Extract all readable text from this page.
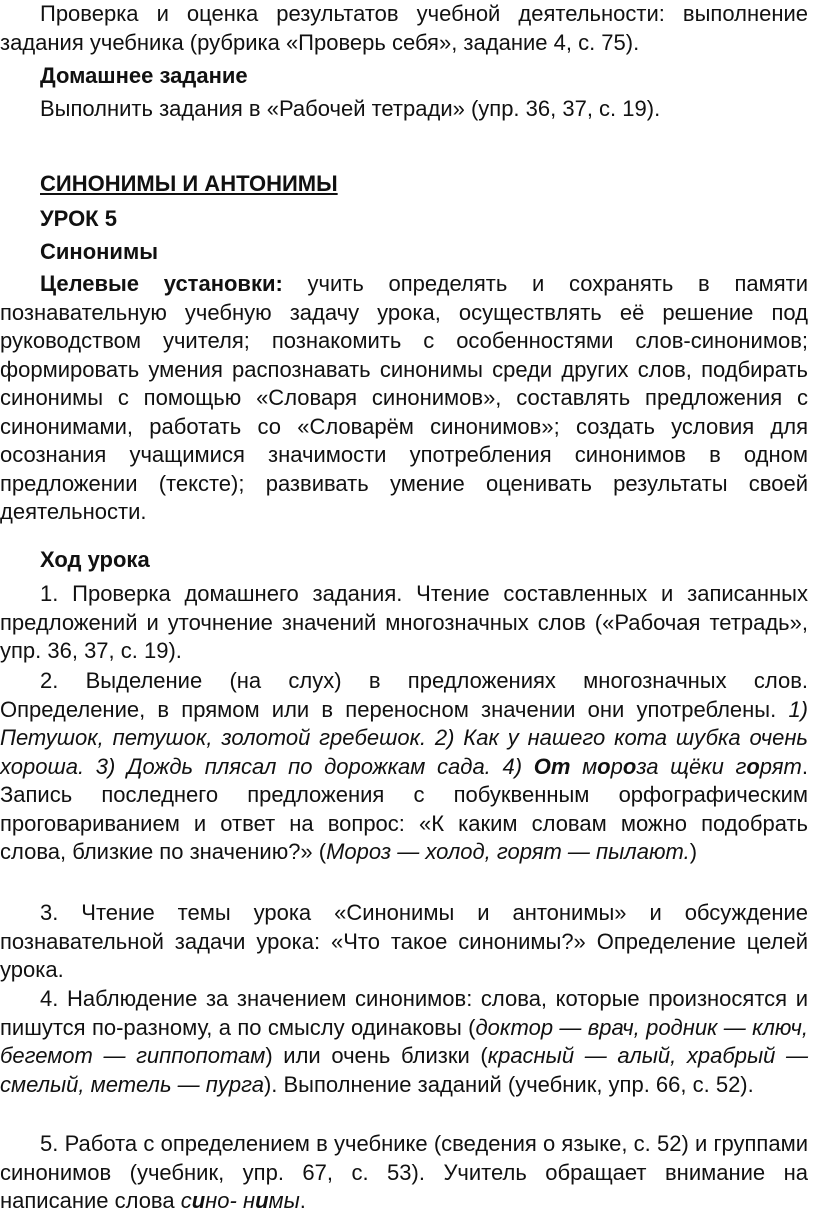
Проверка и оценка результатов учебной деятельности: выполнение задания учебника (рубрика «Проверь себя», задание 4, с. 75).

Домашнее задание

Выполнить задания в «Рабочей тетради» (упр. 36, 37, с. 19).

СИНОНИМЫ И АНТОНИМЫ

УРОК 5

Синонимы

Целевые установки: учить определять и сохранять в памяти познавательную учебную задачу урока, осуществлять её решение под руководством учителя; познакомить с особенностями слов-синонимов; формировать умения распознавать синонимы среди других слов, подбирать синонимы с помощью «Словаря синонимов», составлять предложения с синонимами, работать со «Словарём синонимов»; создать условия для осознания учащимися значимости употребления синонимов в одном предложении (тексте); развивать умение оценивать результаты своей деятельности.

Ход урока

1. Проверка домашнего задания. Чтение составленных и записанных предложений и уточнение значений многозначных слов («Рабочая тетрадь», упр. 36, 37, с. 19).

2. Выделение (на слух) в предложениях многозначных слов. Определение, в прямом или в переносном значении они употреблены. 1) Петушок, петушок, золотой гребешок. 2) Как у нашего кота шубка очень хороша. 3) Дождь плясал по дорожкам сада. 4) От мороза щёки горят. Запись последнего предложения с побуквенным орфографическим проговариванием и ответ на вопрос: «К каким словам можно подобрать слова, близкие по значению?» (Мороз — холод, горят — пылают.)

3. Чтение темы урока «Синонимы и антонимы» и обсуждение познавательной задачи урока: «Что такое синонимы?» Определение целей урока.

4. Наблюдение за значением синонимов: слова, которые произносятся и пишутся по-разному, а по смыслу одинаковы (доктор — врач, родник — ключ, бегемот — гиппопотам) или очень близки (красный — алый, храбрый — смелый, метель — пурга). Выполнение заданий (учебник, упр. 66, с. 52).

5. Работа с определением в учебнике (сведения о языке, с. 52) и группами синонимов (учебник, упр. 67, с. 53). Учитель обращает внимание на написание слова сино- нимы.
